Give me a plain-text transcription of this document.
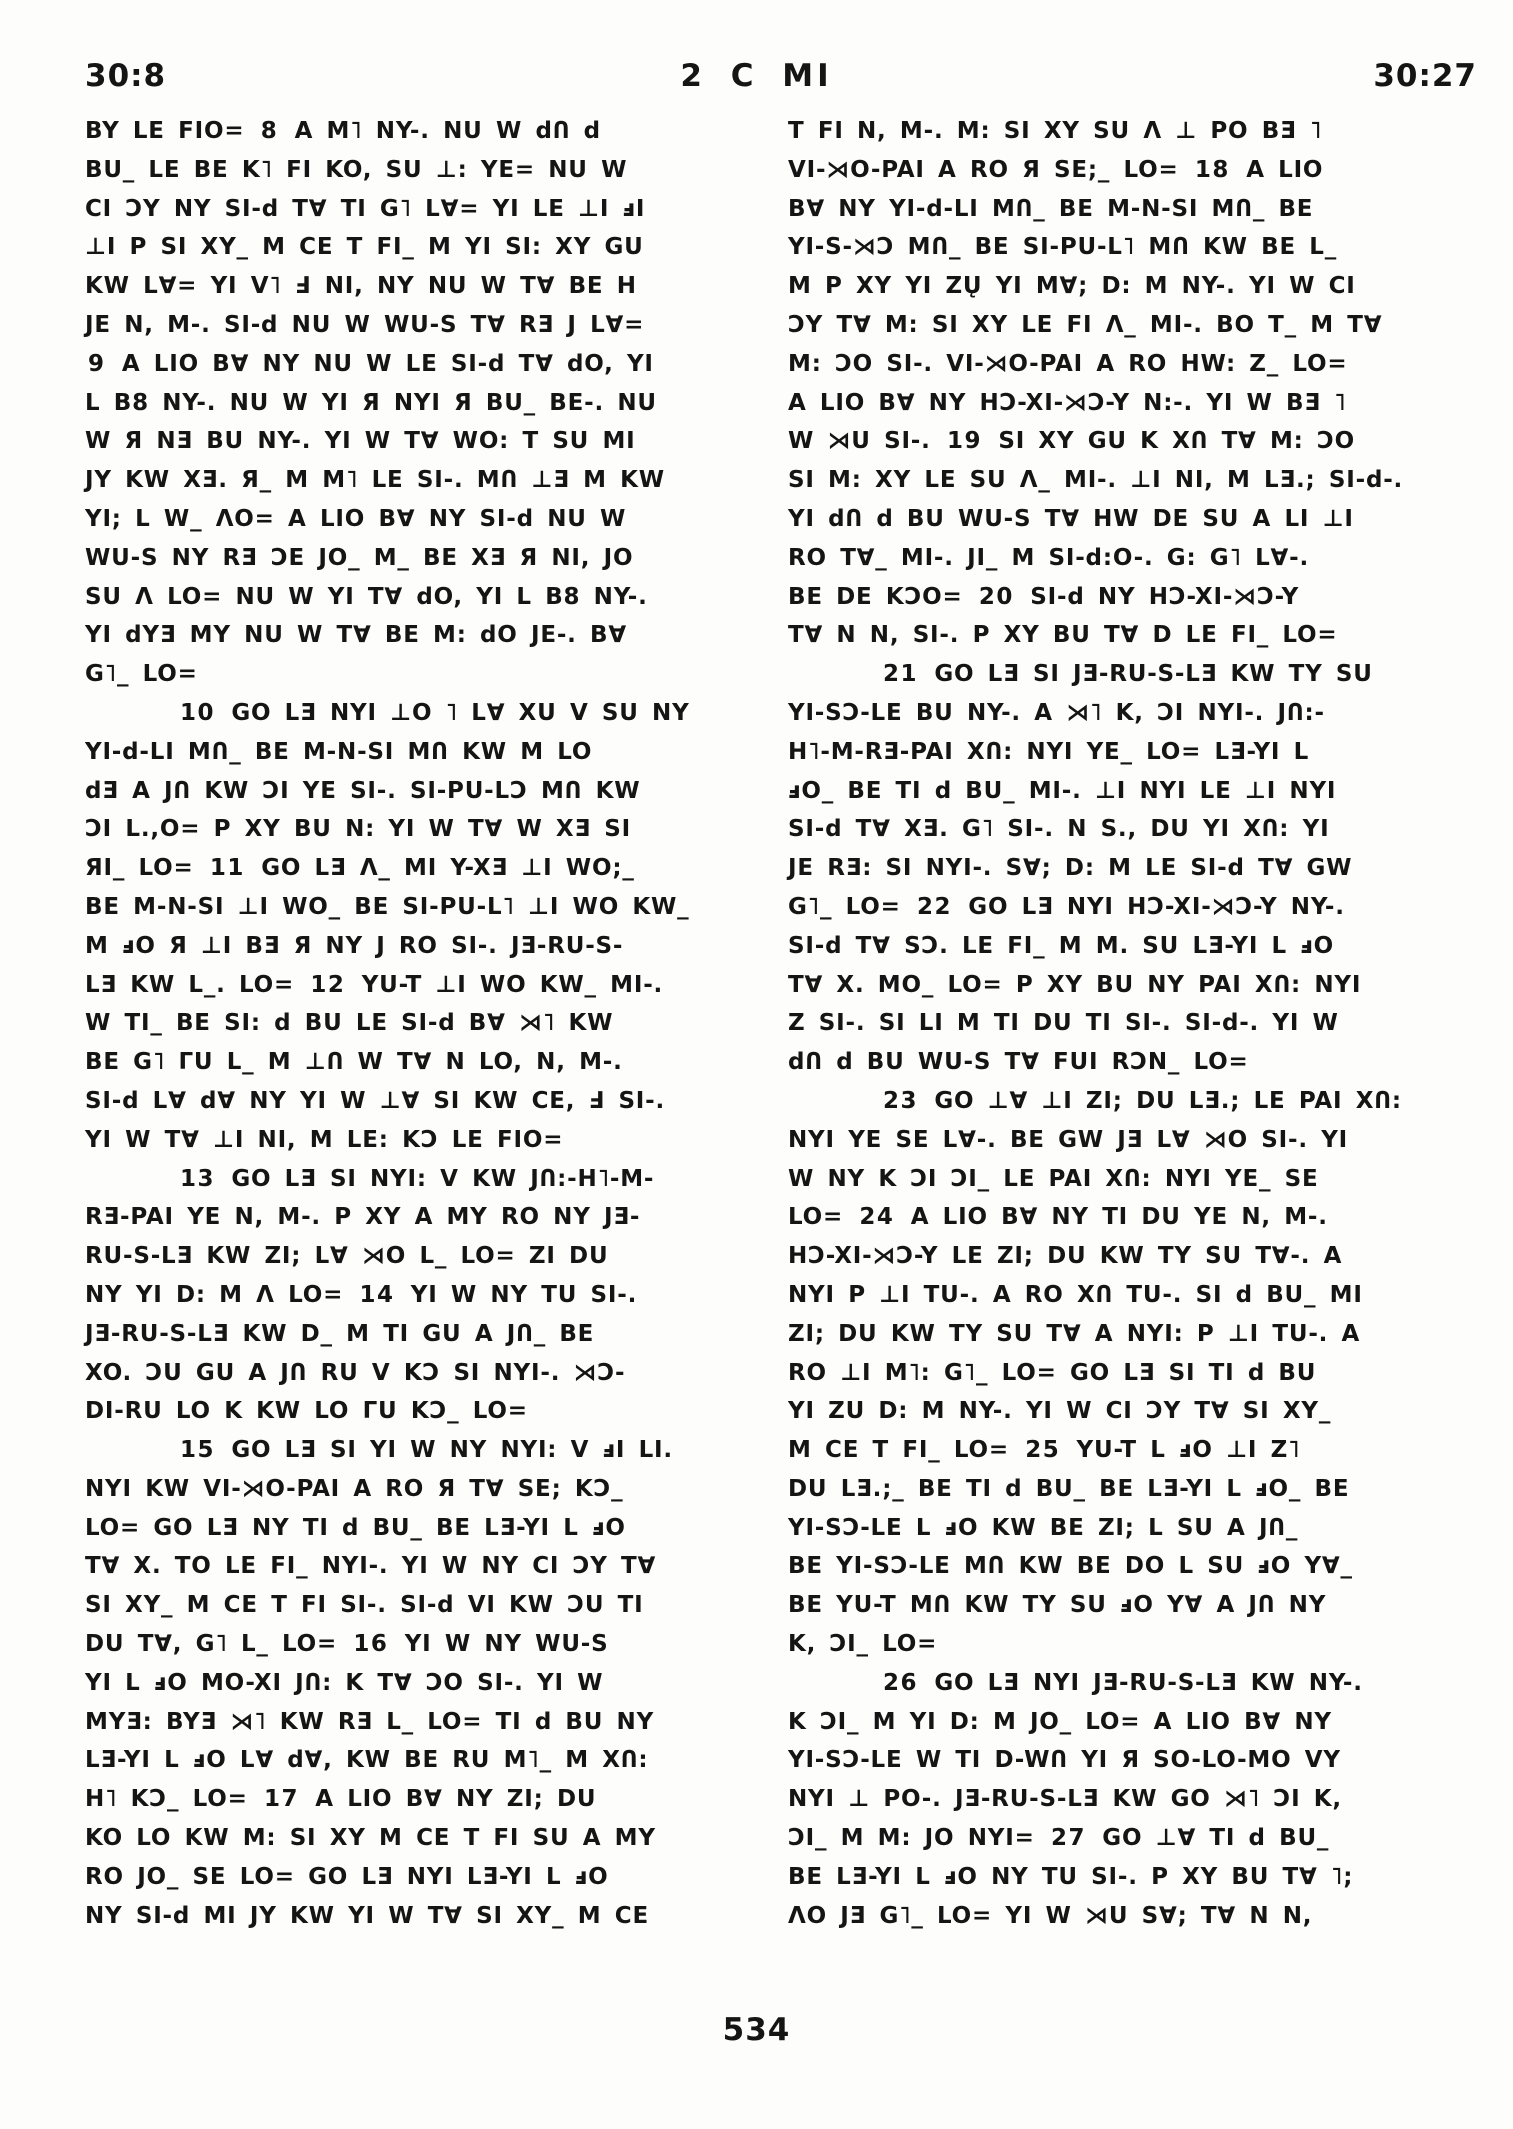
30:8	2 C MI	30:27
BY LE FIO= 8 A M˥ NY-. NU W dՈ d
BU_ LE BE K˥ FI KO, SU ⊥: YE= NU W
CI ƆY NY SI-d T∀ TI G˥ L∀= YI LE ⊥I ⅎI
⊥I P SI XY_ M CE T FI_ M YI SI: XY GU
KW L∀= YI V˥ Ⅎ NI, NY NU W T∀ BE H
JE N, M-. SI-d NU W WU-S T∀ RƎ J L∀=
9 A LIO B∀ NY NU W LE SI-d T∀ dO, YI
L B8 NY-. NU W YI Я NYI Я BU_ BE-. NU
W Я NƎ BU NY-. YI W T∀ WO: T SU MI
JY KW XƎ. Я_ M M˥ LE SI-. MՈ ⊥Ǝ M KW
YI; L W_ ΛO= A LIO B∀ NY SI-d NU W
WU-S NY RƎ ƆE JO_ M_ BE XƎ Я NI, JO
SU Λ LO= NU W YI T∀ dO, YI L B8 NY-.
YI dYƎ MY NU W T∀ BE M: dO JE-. B∀
G˥_ LO=
10 GO LƎ NYI ⊥O ˥ L∀ XU V SU NY
YI-d-LI MՈ_ BE M-N-SI MՈ KW M LO
dƎ A JՈ KW ƆI YE SI-. SI-PU-LƆ MՈ KW
ƆI L.,O= P XY BU N: YI W T∀ W XƎ SI
ЯI_ LO= 11 GO LƎ Λ_ MI Y-XƎ ⊥I WO;_
BE M-N-SI ⊥I WO_ BE SI-PU-L˥ ⊥I WO KW_
M ⅎO Я ⊥I BƎ Я NY J RO SI-. JƎ-RU-S-
LƎ KW L_. LO= 12 YU-T ⊥I WO KW_ MI-.
W TI_ BE SI: d BU LE SI-d B∀ ⋊˥ KW
BE G˥ ΓU L_ M ⊥Ո W T∀ N LO, N, M-.
SI-d L∀ d∀ NY YI W ⊥∀ SI KW CE, Ⅎ SI-.
YI W T∀ ⊥I NI, M LE: KƆ LE FIO=
13 GO LƎ SI NYI: V KW JՈ:-H˥-M-
RƎ-PAI YE N, M-. P XY A MY RO NY JƎ-
RU-S-LƎ KW ZI; L∀ ⋊O L_ LO= ZI DU
NY YI D: M Λ LO= 14 YI W NY TU SI-.
JƎ-RU-S-LƎ KW D_ M TI GU A JՈ_ BE
XO. ƆU GU A JՈ RU V KƆ SI NYI-. ⋊Ɔ-
DI-RU LO K KW LO ΓU KƆ_ LO=
15 GO LƎ SI YI W NY NYI: V ⅎI LI.
NYI KW VI-⋊O-PAI A RO Я T∀ SE; KƆ_
LO= GO LƎ NY TI d BU_ BE LƎ-YI L ⅎO
T∀ X. TO LE FI_ NYI-. YI W NY CI ƆY T∀
SI XY_ M CE T FI SI-. SI-d VI KW ƆU TI
DU T∀, G˥ L_ LO= 16 YI W NY WU-S
YI L ⅎO MO-XI JՈ: K T∀ ƆO SI-. YI W
MYƎ: BYƎ ⋊˥ KW RƎ L_ LO= TI d BU NY
LƎ-YI L ⅎO L∀ d∀, KW BE RU M˥_ M XՈ:
H˥ KƆ_ LO= 17 A LIO B∀ NY ZI; DU
KO LO KW M: SI XY M CE T FI SU A MY
RO JO_ SE LO= GO LƎ NYI LƎ-YI L ⅎO
NY SI-d MI JY KW YI W T∀ SI XY_ M CE
T FI N, M-. M: SI XY SU Λ ⊥ PO BƎ ˥
VI-⋊O-PAI A RO Я SE;_ LO= 18 A LIO
B∀ NY YI-d-LI MՈ_ BE M-N-SI MՈ_ BE
YI-S-⋊Ɔ MՈ_ BE SI-PU-L˥ MՈ KW BE L_
M P XY YI ZŲ YI M∀; D: M NY-. YI W CI
ƆY T∀ M: SI XY LE FI Λ_ MI-. BO T_ M T∀
M: ƆO SI-. VI-⋊O-PAI A RO HW: Z_ LO=
A LIO B∀ NY HƆ-XI-⋊Ɔ-Y N:-. YI W BƎ ˥
W ⋊U SI-. 19 SI XY GU K XՈ T∀ M: ƆO
SI M: XY LE SU Λ_ MI-. ⊥I NI, M LƎ.; SI-d-.
YI dՈ d BU WU-S T∀ HW DE SU A LI ⊥I
RO T∀_ MI-. JI_ M SI-d:O-. G: G˥ L∀-.
BE DE KƆO= 20 SI-d NY HƆ-XI-⋊Ɔ-Y
T∀ N N, SI-. P XY BU T∀ D LE FI_ LO=
21 GO LƎ SI JƎ-RU-S-LƎ KW TY SU
YI-SƆ-LE BU NY-. A ⋊˥ K, ƆI NYI-. JՈ:-
H˥-M-RƎ-PAI XՈ: NYI YE_ LO= LƎ-YI L
ⅎO_ BE TI d BU_ MI-. ⊥I NYI LE ⊥I NYI
SI-d T∀ XƎ. G˥ SI-. N S., DU YI XՈ: YI
JE RƎ: SI NYI-. S∀; D: M LE SI-d T∀ GW
G˥_ LO= 22 GO LƎ NYI HƆ-XI-⋊Ɔ-Y NY-.
SI-d T∀ SƆ. LE FI_ M M. SU LƎ-YI L ⅎO
T∀ X. MO_ LO= P XY BU NY PAI XՈ: NYI
Z SI-. SI LI M TI DU TI SI-. SI-d-. YI W
dՈ d BU WU-S T∀ FUI RƆN_ LO=
23 GO ⊥∀ ⊥I ZI; DU LƎ.; LE PAI XՈ:
NYI YE SE L∀-. BE GW JƎ L∀ ⋊O SI-. YI
W NY K ƆI ƆI_ LE PAI XՈ: NYI YE_ SE
LO= 24 A LIO B∀ NY TI DU YE N, M-.
HƆ-XI-⋊Ɔ-Y LE ZI; DU KW TY SU T∀-. A
NYI P ⊥I TU-. A RO XՈ TU-. SI d BU_ MI
ZI; DU KW TY SU T∀ A NYI: P ⊥I TU-. A
RO ⊥I M˥: G˥_ LO= GO LƎ SI TI d BU
YI ZU D: M NY-. YI W CI ƆY T∀ SI XY_
M CE T FI_ LO= 25 YU-T L ⅎO ⊥I Z˥
DU LƎ.;_ BE TI d BU_ BE LƎ-YI L ⅎO_ BE
YI-SƆ-LE L ⅎO KW BE ZI; L SU A JՈ_
BE YI-SƆ-LE MՈ KW BE DO L SU ⅎO Y∀_
BE YU-T MՈ KW TY SU ⅎO Y∀ A JՈ NY
K, ƆI_ LO=
26 GO LƎ NYI JƎ-RU-S-LƎ KW NY-.
K ƆI_ M YI D: M JO_ LO= A LIO B∀ NY
YI-SƆ-LE W TI D-WՈ YI Я SO-LO-MO VY
NYI ⊥ PO-. JƎ-RU-S-LƎ KW GO ⋊˥ ƆI K,
ƆI_ M M: JO NYI= 27 GO ⊥∀ TI d BU_
BE LƎ-YI L ⅎO NY TU SI-. P XY BU T∀ ˥;
ΛO JƎ G˥_ LO= YI W ⋊U S∀; T∀ N N,
534
